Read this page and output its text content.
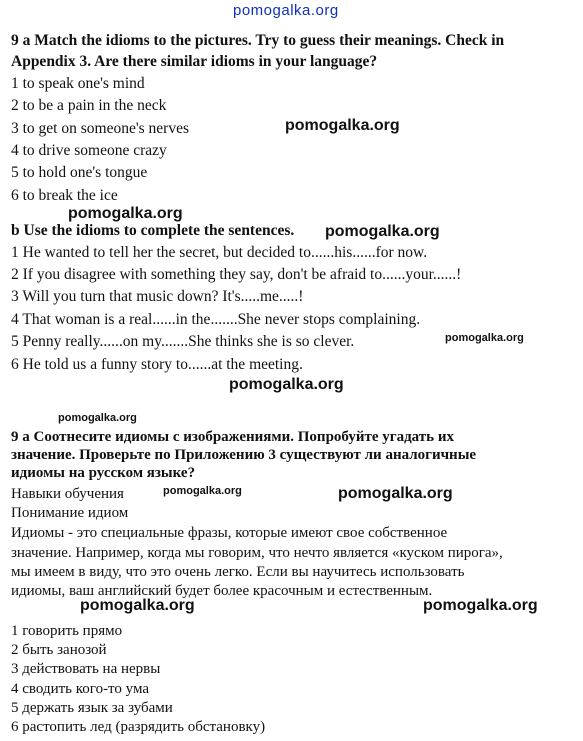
pomogalka.org
9 a Match the idioms to the pictures. Try to guess their meanings. Check in
Appendix 3. Are there similar idioms in your language?
1 to speak one's mind
2 to be a pain in the neck
3 to get on someone's nerves
4 to drive someone crazy
5 to hold one's tongue
6 to break the ice
pomogalka.org
pomogalka.org
b Use the idioms to complete the sentences. pomogalka.org
1 He wanted to tell her the secret, but decided to......his......for now.
2 If you disagree with something they say, don't be afraid to......your......!
3 Will you turn that music down? It's.....me.....!
4 That woman is a real......in the.......She never stops complaining.
5 Penny really......on my.......She thinks she is so clever.
6 He told us a funny story to......at the meeting.
pomogalka.org
pomogalka.org
pomogalka.org
9 а Соотнесите идиомы с изображениями. Попробуйте угадать их
значение. Проверьте по Приложению 3 существуют ли аналогичные
идиомы на русском языке?
Навыки обучения	pomogalka.org	pomogalka.org
Понимание идиом
Идиомы - это специальные фразы, которые имеют свое собственное
значение. Например, когда мы говорим, что нечто является «куском пирога»,
мы имеем в виду, что это очень легко. Если вы научитесь использовать
идиомы, ваш английский будет более красочным и естественным.
pomogalka.org	pomogalka.org
1 говорить прямо
2 быть занозой
3 действовать на нервы
4 сводить кого-то ума
5 держать язык за зубами
6 растопить лед (разрядить обстановку)
